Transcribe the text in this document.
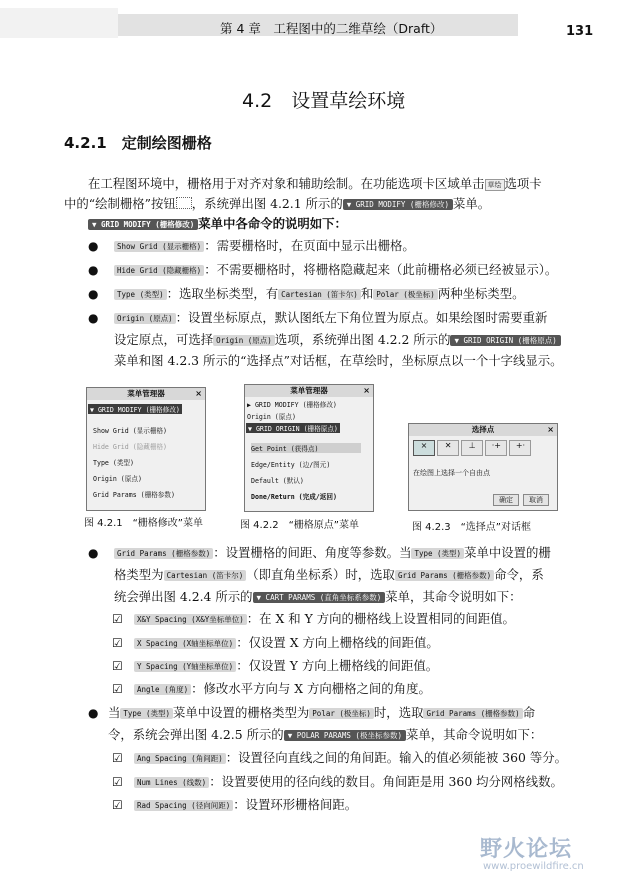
第 4 章　工程图中的二维草绘（Draft）	131
4.2　设置草绘环境
4.2.1　定制绘图栅格
在工程图环境中，栅格用于对齐对象和辅助绘制。在功能选项卡区域单击 草绘 选项卡
中的“绘制栅格”按钮 ，系统弹出图 4.2.1 所示的 ▼ GRID MODIFY (栅格修改) 菜单。
▼ GRID MODIFY (栅格修改) 菜单中各命令的说明如下：
●	Show Grid (显示栅格) ：需要栅格时，在页面中显示出栅格。
●	Hide Grid (隐藏栅格) ：不需要栅格时，将栅格隐藏起来（此前栅格必须已经被显示）。
●	Type (类型) ：选取坐标类型，有 Cartesian (笛卡尔) 和 Polar (极坐标) 两种坐标类型。
●	Origin (原点) ：设置坐标原点，默认图纸左下角位置为原点。如果绘图时需要重新
设定原点，可选择 Origin (原点) 选项，系统弹出图 4.2.2 所示的 ▼ GRID ORIGIN (栅格原点)
菜单和图 4.2.3 所示的“选择点”对话框，在草绘时，坐标原点以一个十字线显示。
菜单管理器	×
▼ GRID MODIFY (栅格修改)
Show Grid (显示栅格)
Hide Grid (隐藏栅格)
Type (类型)
Origin (原点)
Grid Params (栅格参数)
图 4.2.1　“栅格修改”菜单
菜单管理器	×
▶ GRID MODIFY (栅格修改)
Origin (原点)
▼ GRID ORIGIN (栅格原点)
Get Point (获得点)
Edge/Entity (边/图元)
Default (默认)
Done/Return (完成/返回)
图 4.2.2　“栅格原点”菜单
选择点	×
× ✕ ⊥ ·+ +·
在绘图上选择一个自由点
确定	取消
图 4.2.3　“选择点”对话框
●	Grid Params (栅格参数) ：设置栅格的间距、角度等参数。当 Type (类型) 菜单中设置的栅
格类型为 Cartesian (笛卡尔) （即直角坐标系）时，选取 Grid Params (栅格参数) 命令，系
统会弹出图 4.2.4 所示的 ▼ CART PARAMS (直角坐标系参数) 菜单，其命令说明如下：
☑	X&Y Spacing (X&Y坐标单位) ：在 X 和 Y 方向的栅格线上设置相同的间距值。
☑	X Spacing (X轴坐标单位) ：仅设置 X 方向上栅格线的间距值。
☑	Y Spacing (Y轴坐标单位) ：仅设置 Y 方向上栅格线的间距值。
☑	Angle (角度) ：修改水平方向与 X 方向栅格之间的角度。
● 当 Type (类型) 菜单中设置的栅格类型为 Polar (极坐标) 时，选取 Grid Params (栅格参数) 命
令，系统会弹出图 4.2.5 所示的 ▼ POLAR PARAMS (极坐标参数) 菜单，其命令说明如下：
☑	Ang Spacing (角间距) ：设置径向直线之间的角间距。输入的值必须能被 360 等分。
☑	Num Lines (线数) ：设置要使用的径向线的数目。角间距是用 360 均分网格线数。
☑	Rad Spacing (径向间距) ：设置环形栅格间距。
野火论坛
www.proewildfire.cn
